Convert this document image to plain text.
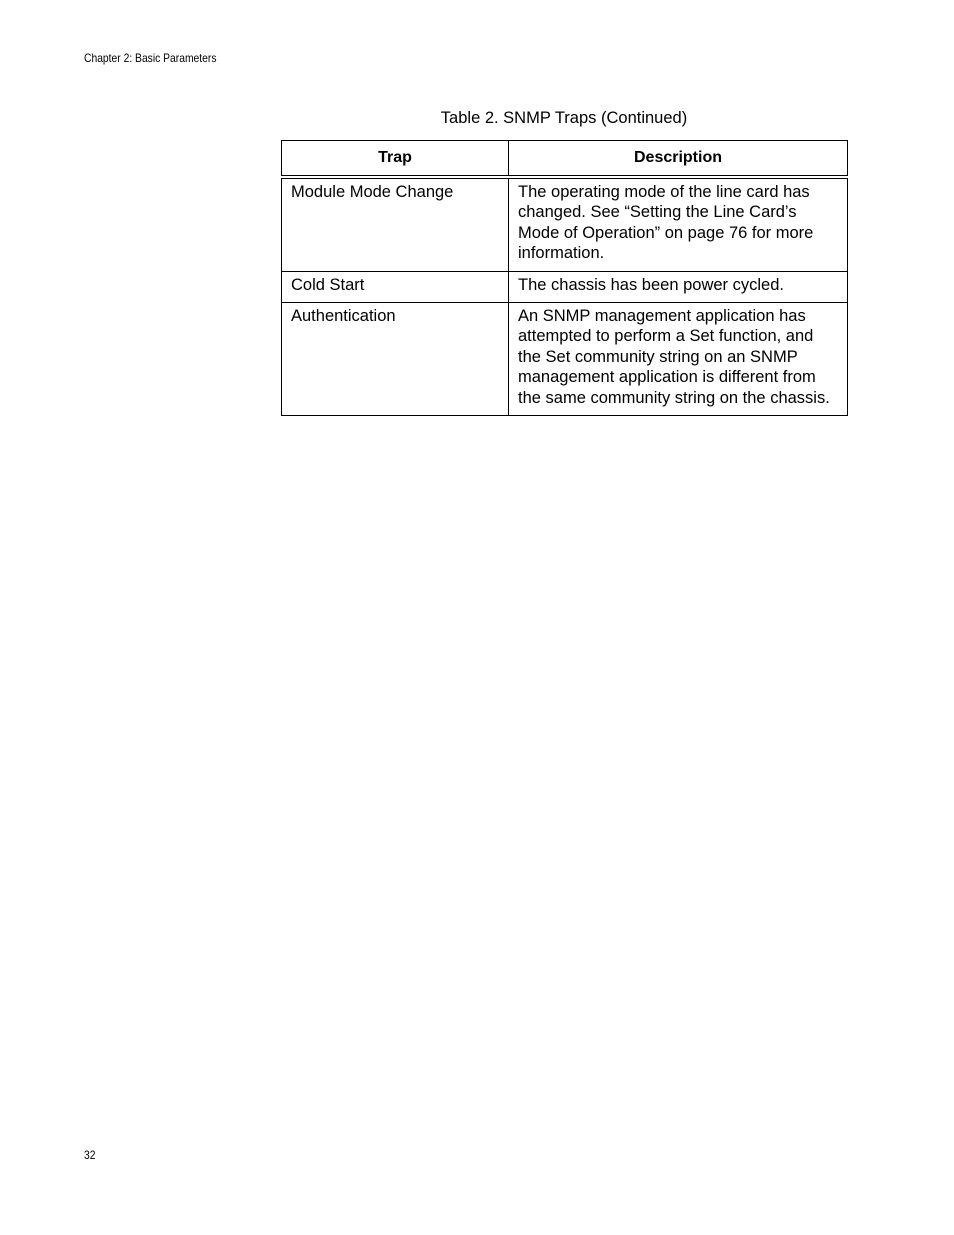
Chapter 2: Basic Parameters
Table 2. SNMP Traps (Continued)
Trap	Description
Module Mode Change	The operating mode of the line card has changed. See “Setting the Line Card’s Mode of Operation” on page 76 for more information.
Cold Start	The chassis has been power cycled.
Authentication	An SNMP management application has attempted to perform a Set function, and the Set community string on an SNMP management application is different from the same community string on the chassis.
32
